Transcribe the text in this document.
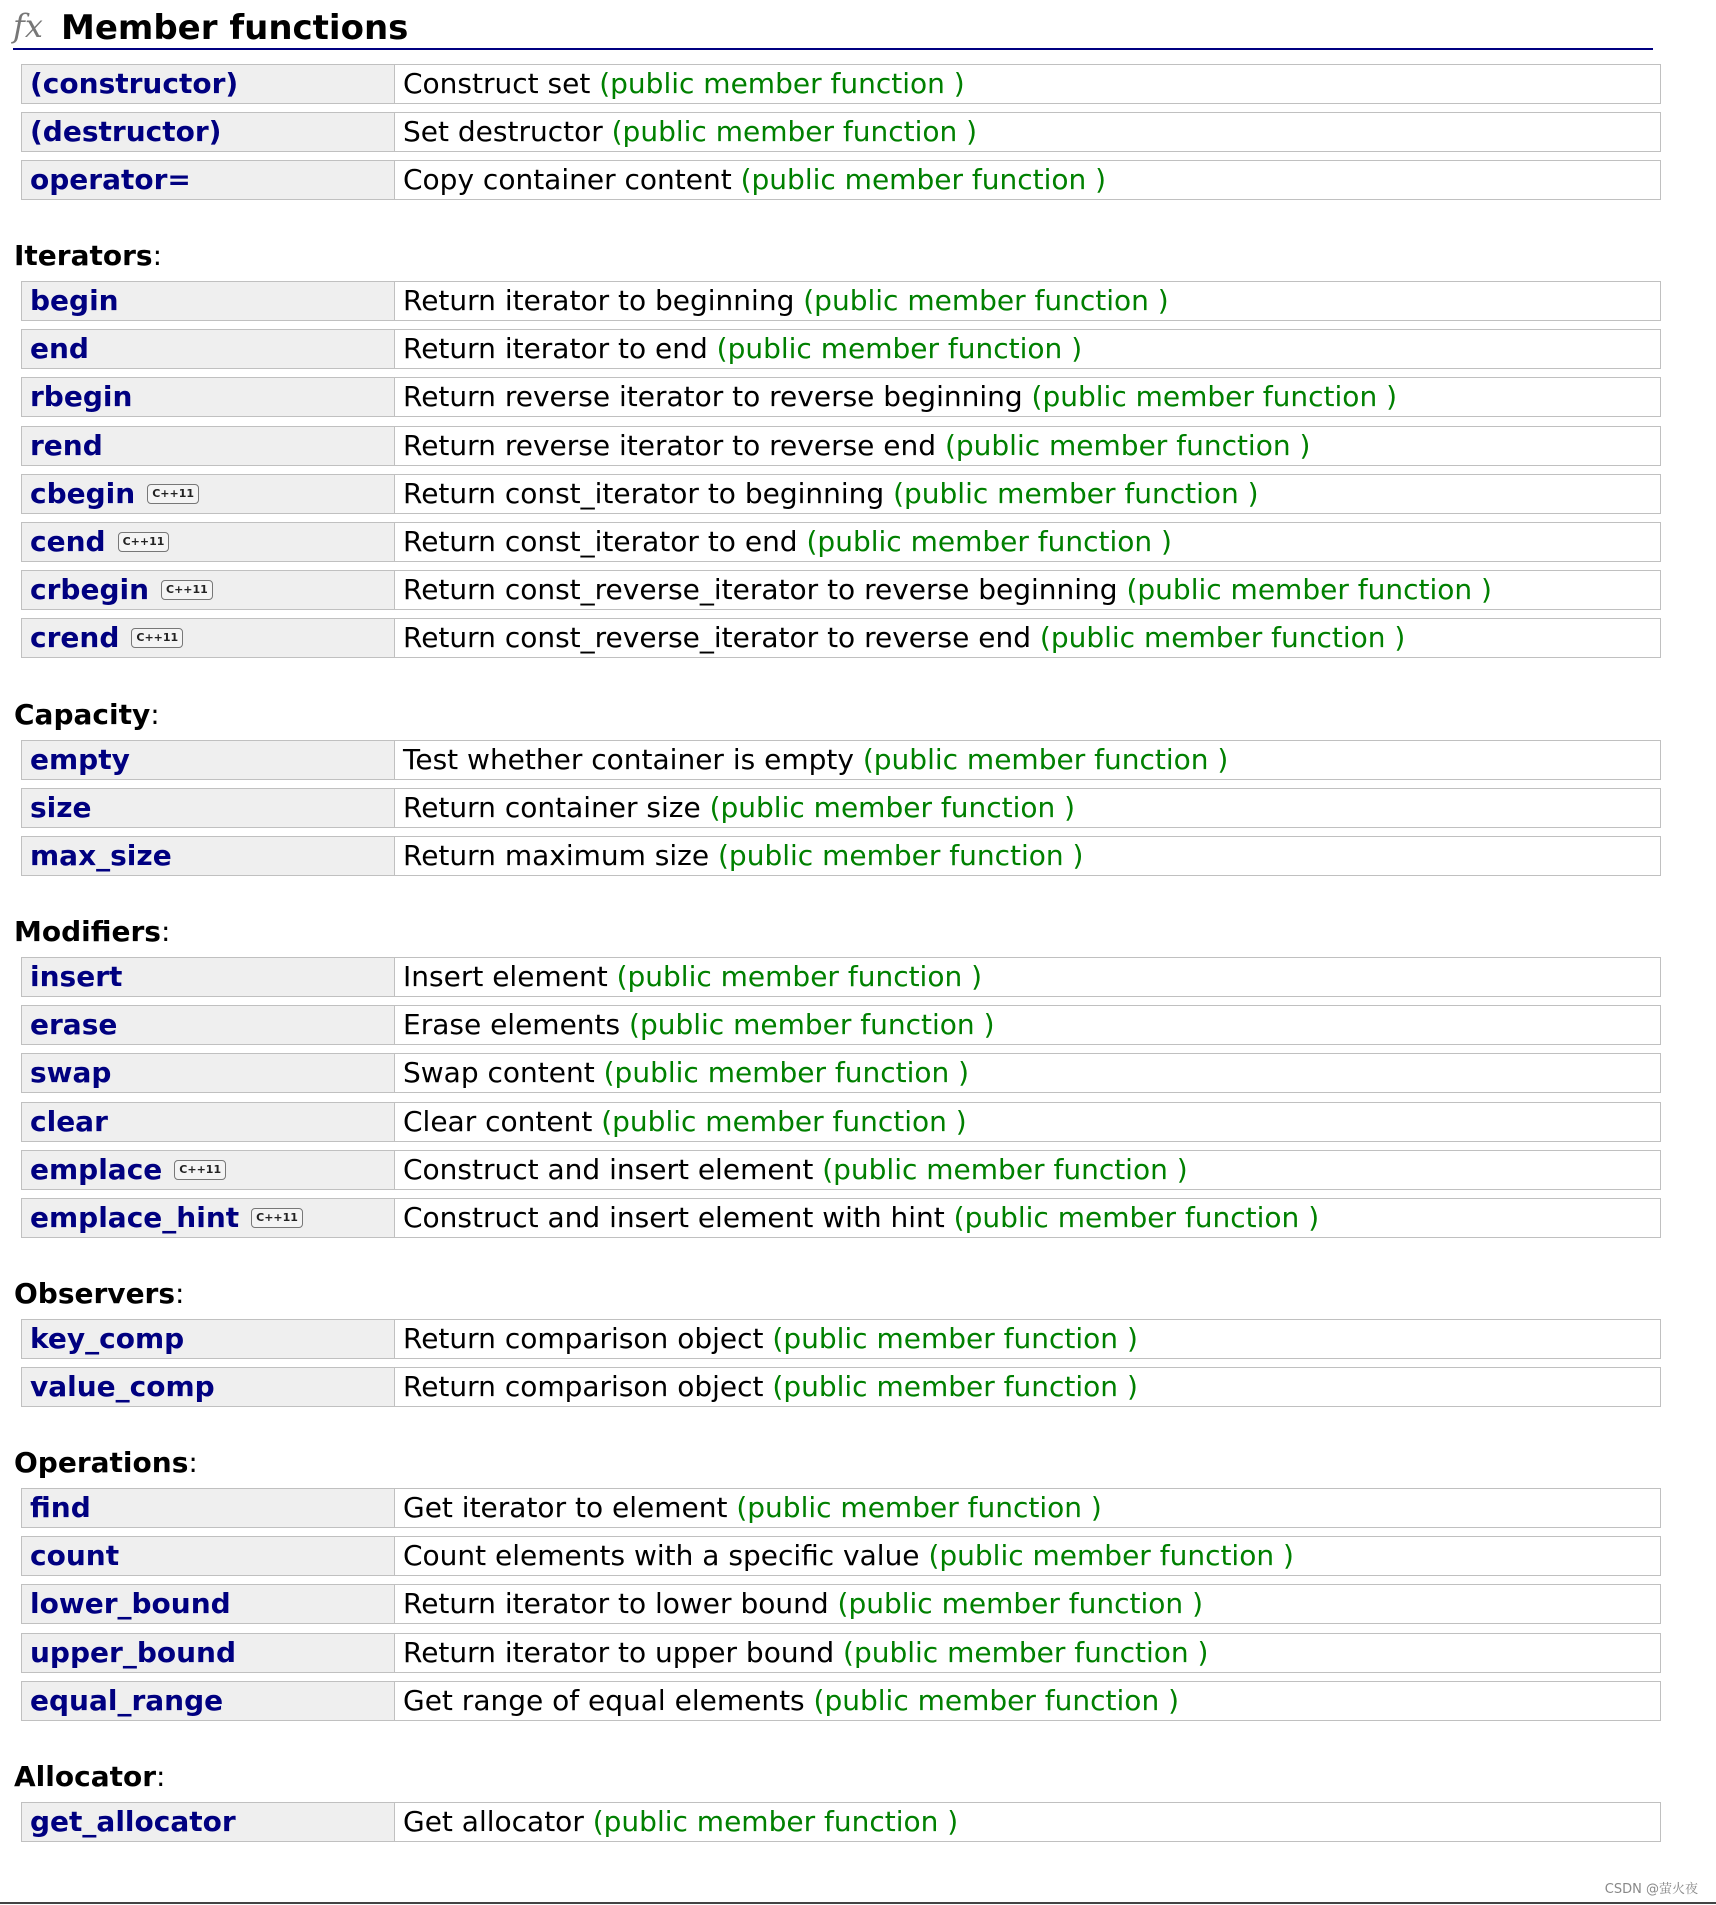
fx Member functions
(constructor)	Construct set (public member function )
(destructor)	Set destructor (public member function )
operator=	Copy container content (public member function )
Iterators:
begin	Return iterator to beginning (public member function )
end	Return iterator to end (public member function )
rbegin	Return reverse iterator to reverse beginning (public member function )
rend	Return reverse iterator to reverse end (public member function )
cbegin C++11	Return const_iterator to beginning (public member function )
cend C++11	Return const_iterator to end (public member function )
crbegin C++11	Return const_reverse_iterator to reverse beginning (public member function )
crend C++11	Return const_reverse_iterator to reverse end (public member function )
Capacity:
empty	Test whether container is empty (public member function )
size	Return container size (public member function )
max_size	Return maximum size (public member function )
Modifiers:
insert	Insert element (public member function )
erase	Erase elements (public member function )
swap	Swap content (public member function )
clear	Clear content (public member function )
emplace C++11	Construct and insert element (public member function )
emplace_hint C++11	Construct and insert element with hint (public member function )
Observers:
key_comp	Return comparison object (public member function )
value_comp	Return comparison object (public member function )
Operations:
find	Get iterator to element (public member function )
count	Count elements with a specific value (public member function )
lower_bound	Return iterator to lower bound (public member function )
upper_bound	Return iterator to upper bound (public member function )
equal_range	Get range of equal elements (public member function )
Allocator:
get_allocator	Get allocator (public member function )
CSDN @萤火夜
